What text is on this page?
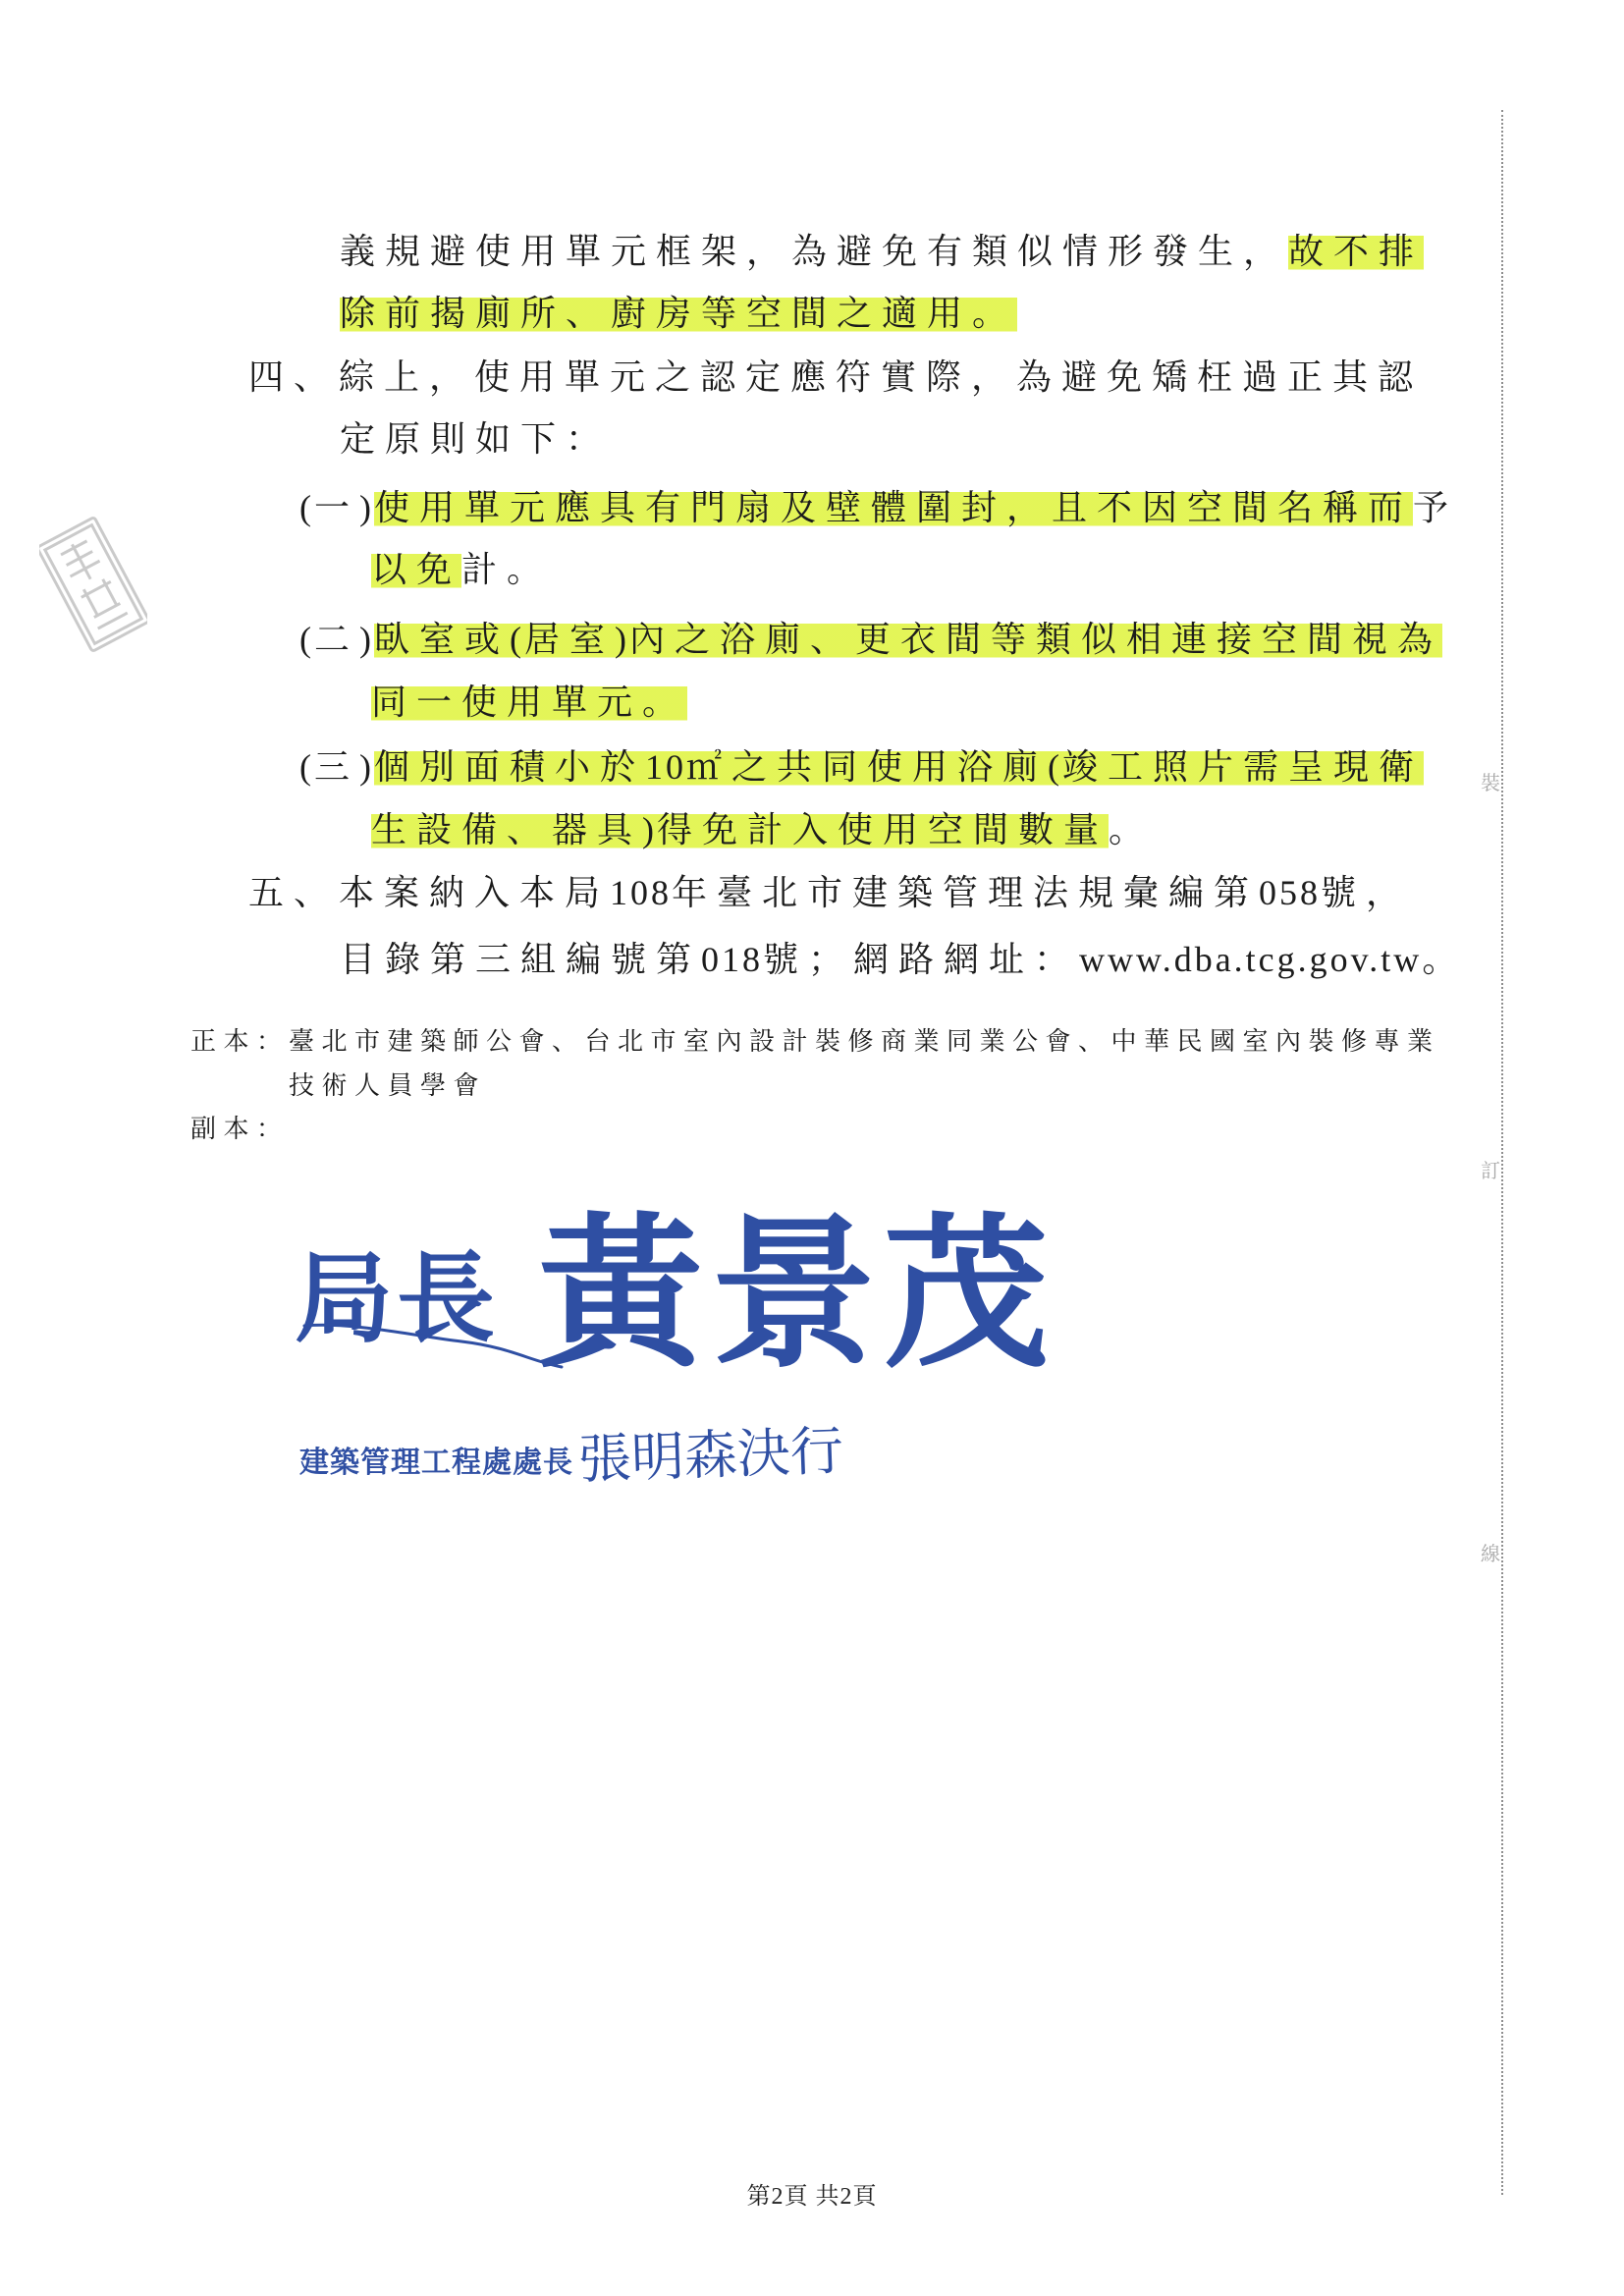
義規避使用單元框架，為避免有類似情形發生，故不排
除前揭廁所、廚房等空間之適用。
四、綜上，使用單元之認定應符實際，為避免矯枉過正其認
定原則如下：
(一)使用單元應具有門扇及壁體圍封，且不因空間名稱而予
以免計。
(二)臥室或(居室)內之浴廁、更衣間等類似相連接空間視為
同一使用單元。
(三)個別面積小於10㎡之共同使用浴廁(竣工照片需呈現衛
生設備、器具)得免計入使用空間數量。
五、本案納入本局108年臺北市建築管理法規彙編第058號，
目錄第三組編號第018號；網路網址：www.dba.tcg.gov.tw。
正本： 臺北市建築師公會、台北市室內設計裝修商業同業公會、中華民國室內裝修專業
技術人員學會
副本：
局長 黃景茂
建築管理工程處處長 張明森決行
裝
訂
線
第2頁 共2頁
